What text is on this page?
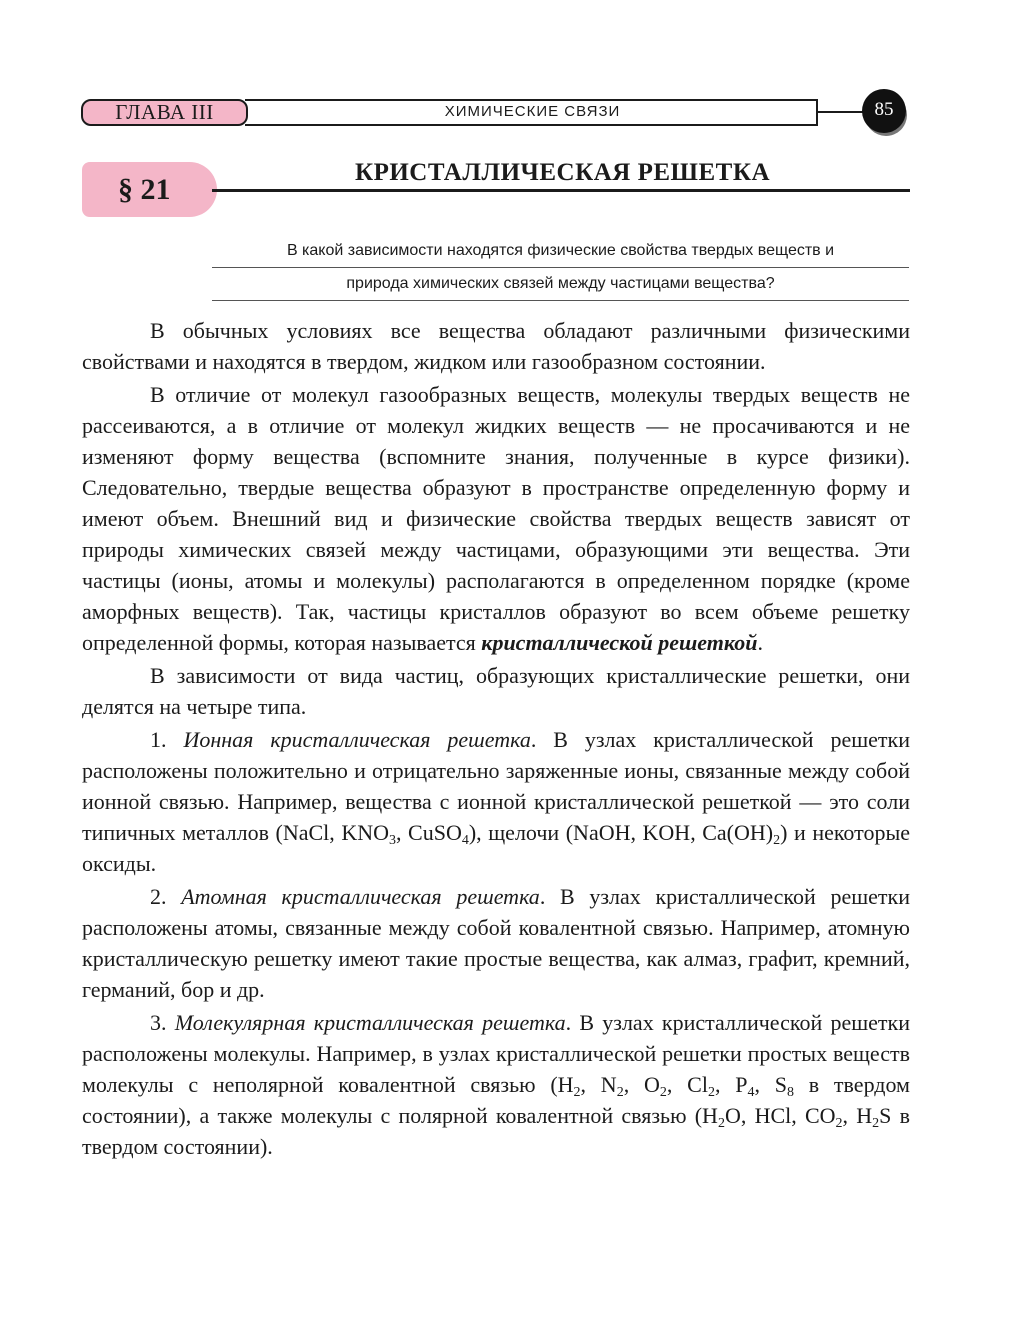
ГЛАВА III	ХИМИЧЕСКИЕ СВЯЗИ	85
§ 21
КРИСТАЛЛИЧЕСКАЯ РЕШЕТКА
В какой зависимости находятся физические свойства твердых веществ и
природа химических связей между частицами вещества?

В обычных условиях все вещества обладают различными физическими свойствами и находятся в твердом, жидком или газообразном состоянии.

В отличие от молекул газообразных веществ, молекулы твердых веществ не рассеиваются, а в отличие от молекул жидких веществ — не просачиваются и не изменяют форму вещества (вспомните знания, полученные в курсе физики). Следовательно, твердые вещества образуют в пространстве определенную форму и имеют объем. Внешний вид и физические свойства твердых веществ зависят от природы химических связей между частицами, образующими эти вещества. Эти частицы (ионы, атомы и молекулы) располагаются в определенном порядке (кроме аморфных веществ). Так, частицы кристаллов образуют во всем объеме решетку определенной формы, которая называется кристаллической решеткой.

В зависимости от вида частиц, образующих кристаллические решетки, они делятся на четыре типа.

1. Ионная кристаллическая решетка. В узлах кристаллической решетки расположены положительно и отрицательно заряженные ионы, связанные между собой ионной связью. Например, вещества с ионной кристаллической решеткой — это соли типичных металлов (NaCl, $KNO_3$, CuSO$_4$), щелочи (NaOH, KOH, $Ca(OH)_2$) и некоторые оксиды.

2. Атомная кристаллическая решетка. В узлах кристаллической решетки расположены атомы, связанные между собой ковалентной связью. Например, атомную кристаллическую решетку имеют такие простые вещества, как алмаз, графит, кремний, германий, бор и др.

3. Молекулярная кристаллическая решетка. В узлах кристаллической решетки расположены молекулы. Например, в узлах кристаллической решетки простых веществ молекулы с неполярной ковалентной связью ($H_2$, $N_2$, $O_2$, $Cl_2$, $P_4$, $S_8$ в твердом состоянии), а также молекулы с полярной ковалентной связью ($H_2O$, HCl, $CO_2$, $H_2S$ в твердом состоянии).
